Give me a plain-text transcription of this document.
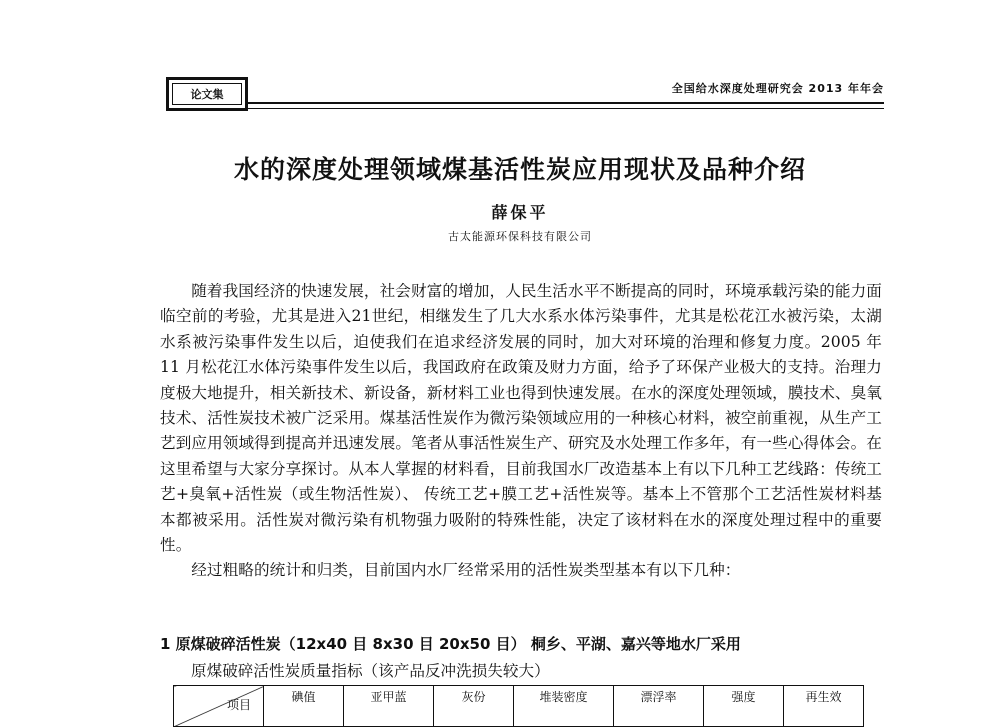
论文集	全国给水深度处理研究会 2013 年年会
水的深度处理领域煤基活性炭应用现状及品种介绍
薛保平
古太能源环保科技有限公司

随着我国经济的快速发展，社会财富的增加，人民生活水平不断提高的同时，环境承载污染的能力面临空前的考验，尤其是进入21世纪，相继发生了几大水系水体污染事件，尤其是松花江水被污染，太湖水系被污染事件发生以后，迫使我们在追求经济发展的同时，加大对环境的治理和修复力度。2005 年 11 月松花江水体污染事件发生以后，我国政府在政策及财力方面，给予了环保产业极大的支持。治理力度极大地提升，相关新技术、新设备，新材料工业也得到快速发展。在水的深度处理领域，膜技术、臭氧技术、活性炭技术被广泛采用。煤基活性炭作为微污染领域应用的一种核心材料，被空前重视，从生产工艺到应用领域得到提高并迅速发展。笔者从事活性炭生产、研究及水处理工作多年，有一些心得体会。在这里希望与大家分享探讨。从本人掌握的材料看，目前我国水厂改造基本上有以下几种工艺线路：传统工艺+臭氧+活性炭（或生物活性炭）、 传统工艺+膜工艺+活性炭等。基本上不管那个工艺活性炭材料基本都被采用。活性炭对微污染有机物强力吸附的特殊性能，决定了该材料在水的深度处理过程中的重要性。

经过粗略的统计和归类，目前国内水厂经常采用的活性炭类型基本有以下几种：

1 原煤破碎活性炭（12x40 目 8x30 目 20x50 目） 桐乡、平湖、嘉兴等地水厂采用
原煤破碎活性炭质量指标（该产品反冲洗损失较大）
项目	碘值	亚甲蓝	灰份	堆装密度	漂浮率	强度	再生效
